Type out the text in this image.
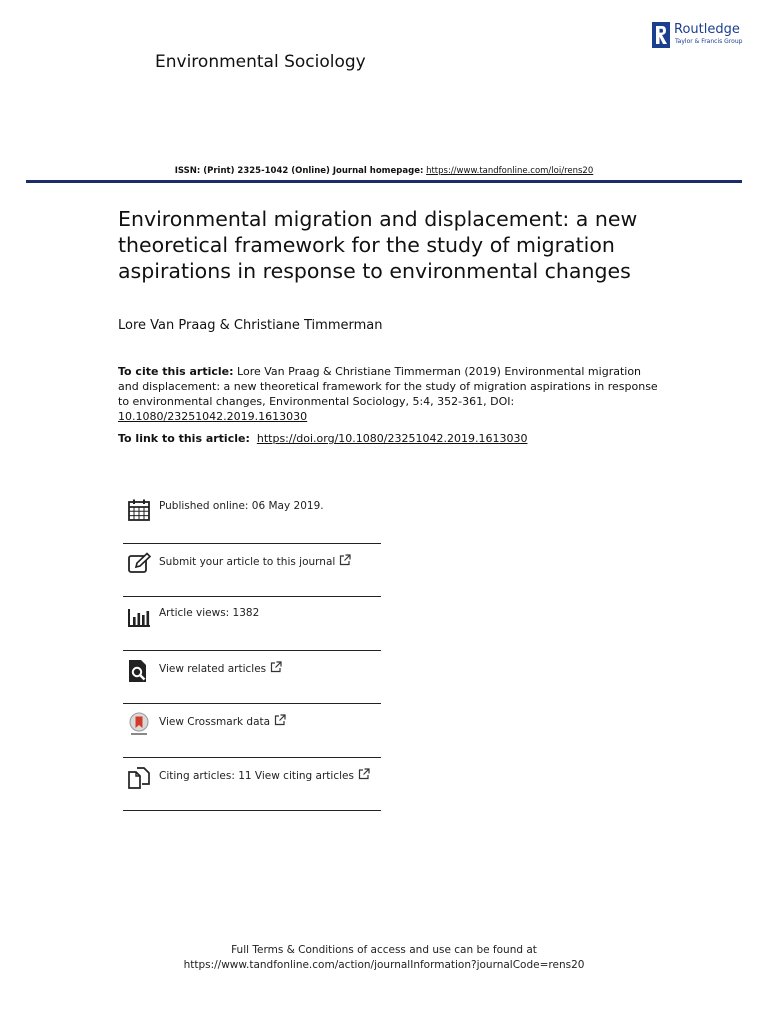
Environmental Sociology
Routledge
Taylor & Francis Group
ISSN: (Print) 2325-1042 (Online) Journal homepage: https://www.tandfonline.com/loi/rens20
Environmental migration and displacement: a new theoretical framework for the study of migration aspirations in response to environmental changes
Lore Van Praag & Christiane Timmerman
To cite this article: Lore Van Praag & Christiane Timmerman (2019) Environmental migration and displacement: a new theoretical framework for the study of migration aspirations in response to environmental changes, Environmental Sociology, 5:4, 352-361, DOI: 10.1080/23251042.2019.1613030
To link to this article: https://doi.org/10.1080/23251042.2019.1613030
Published online: 06 May 2019.
Submit your article to this journal
Article views: 1382
View related articles
View Crossmark data
Citing articles: 11 View citing articles
Full Terms & Conditions of access and use can be found at
https://www.tandfonline.com/action/journalInformation?journalCode=rens20
